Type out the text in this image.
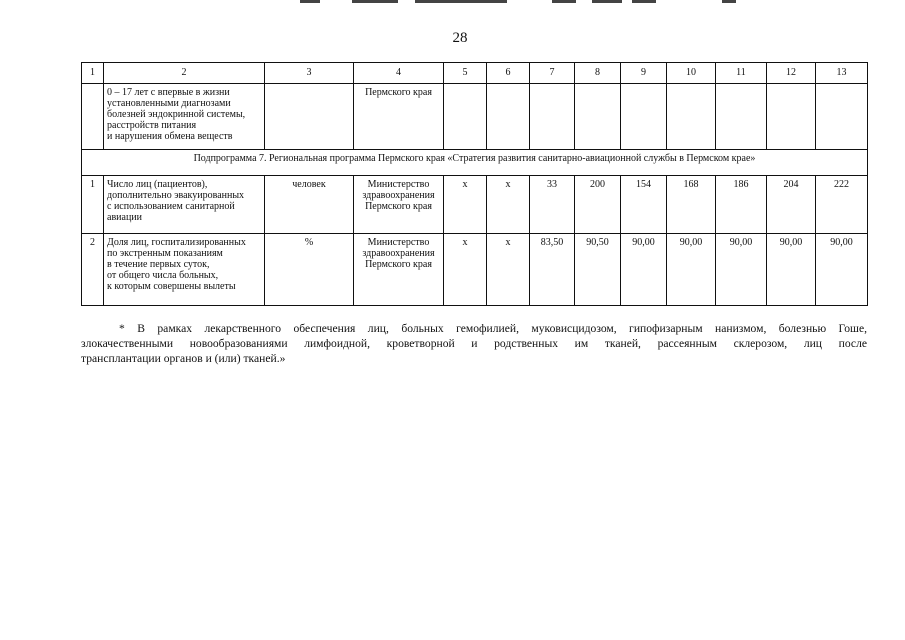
28
1	2	3	4	5	6	7	8	9	10	11	12	13

	0 – 17 лет с впервые в жизни
установленными диагнозами
болезней эндокринной системы,
расстройств питания
и нарушения обмена веществ		Пермского края									
Подпрограмма 7. Региональная программа Пермского края «Стратегия развития санитарно-авиационной службы в Пермском крае»												
1	Число лиц (пациентов),
дополнительно эвакуированных
с использованием санитарной
авиации	человек	Министерство
здравоохранения
Пермского края	х	х	33	200	154	168	186	204	222
2	Доля лиц, госпитализированных
по экстренным показаниям
в течение первых суток,
от общего числа больных,
к которым совершены вылеты	%	Министерство
здравоохранения
Пермского края	х	х	83,50	90,50	90,00	90,00	90,00	90,00	90,00
* В рамках лекарственного обеспечения лиц, больных гемофилией, муковисцидозом, гипофизарным нанизмом, болезнью Гоше,
злокачественными новообразованиями лимфоидной, кроветворной и родственных им тканей, рассеянным склерозом, лиц после
трансплантации органов и (или) тканей.»
